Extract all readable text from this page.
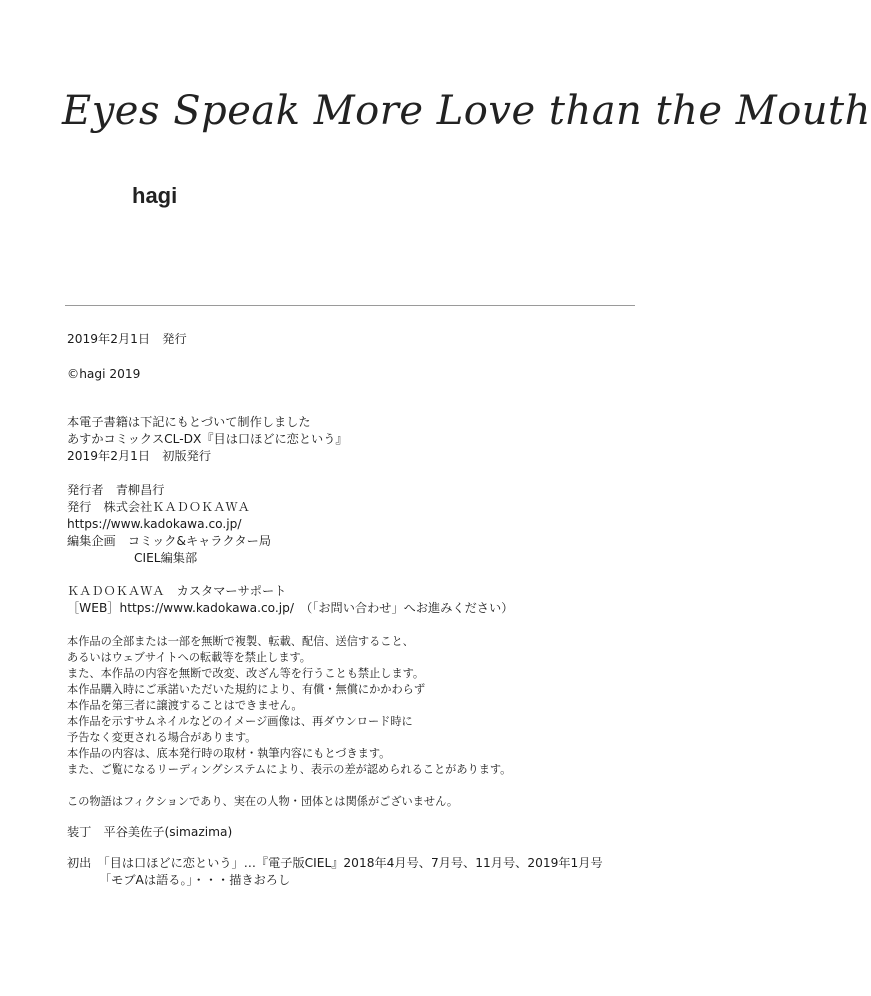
Eyes Speak More Love than the Mouth
hagi
2019年2月1日　発行
©hagi 2019
本電子書籍は下記にもとづいて制作しました
あすかコミックスCL-DX『目は口ほどに恋という』
2019年2月1日　初版発行
発行者　青柳昌行
発行　株式会社ＫＡＤＯＫＡＷＡ
https://www.kadokawa.co.jp/
編集企画　コミック&キャラクター局
CIEL編集部
ＫＡＤＯＫＡＷＡ　カスタマーサポート
［WEB］https://www.kadokawa.co.jp/　（「お問い合わせ」へお進みください）
本作品の全部または一部を無断で複製、転載、配信、送信すること、
あるいはウェブサイトへの転載等を禁止します。
また、本作品の内容を無断で改変、改ざん等を行うことも禁止します。
本作品購入時にご承諾いただいた規約により、有償・無償にかかわらず
本作品を第三者に譲渡することはできません。
本作品を示すサムネイルなどのイメージ画像は、再ダウンロード時に
予告なく変更される場合があります。
本作品の内容は、底本発行時の取材・執筆内容にもとづきます。
また、ご覧になるリーディングシステムにより、表示の差が認められることがあります。
この物語はフィクションであり、実在の人物・団体とは関係がございません。
装丁　平谷美佐子(simazima)
初出　「目は口ほどに恋という」…『電子版CIEL』2018年4月号、7月号、11月号、2019年1月号
「モブAは語る。」・・・描きおろし
